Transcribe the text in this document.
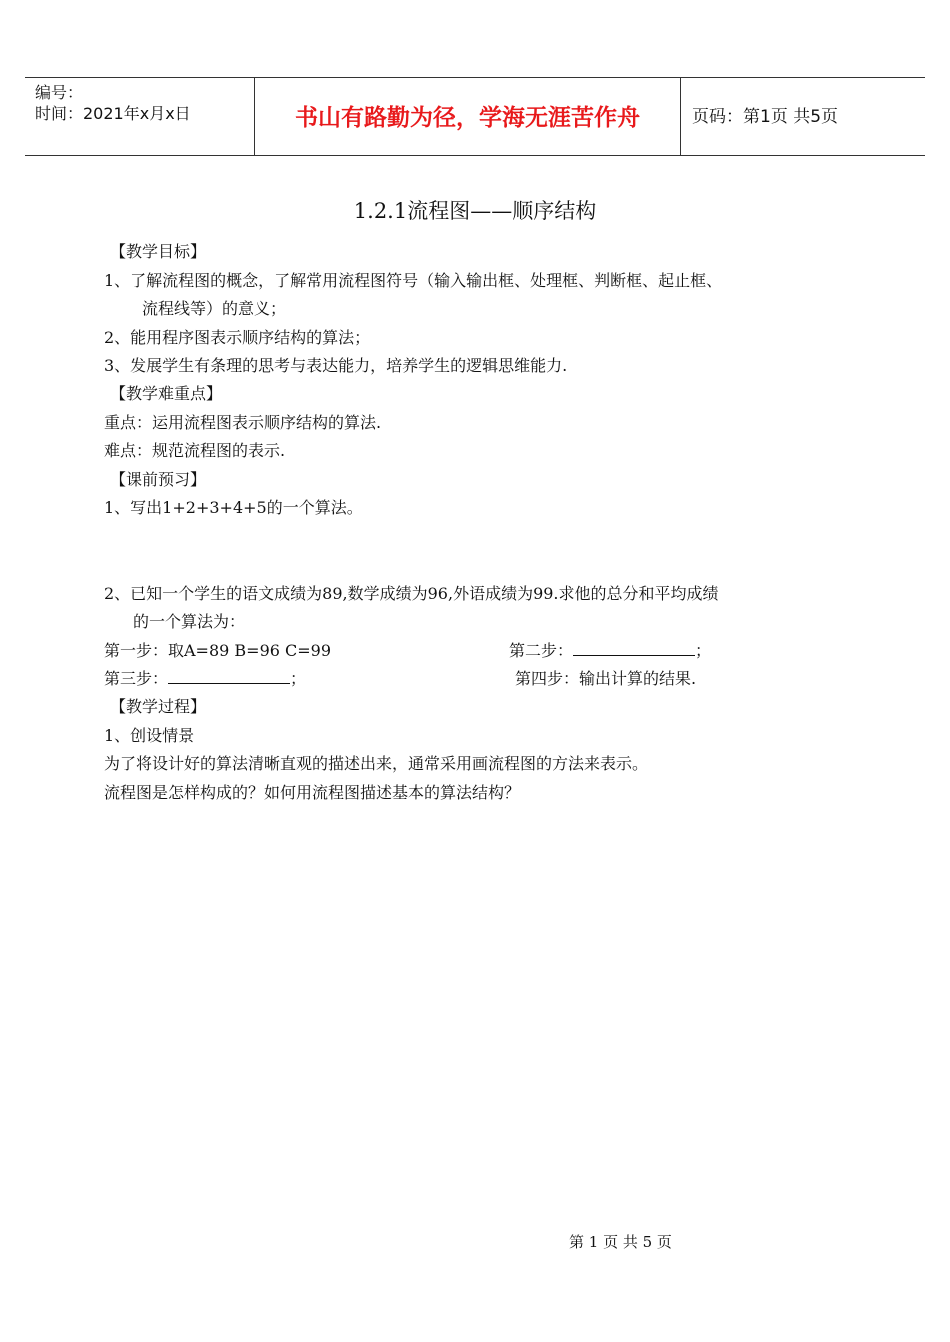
编号：
时间：2021年x月x日	书山有路勤为径，学海无涯苦作舟	页码：第1页 共5页
1.2.1流程图——顺序结构
【教学目标】
1、了解流程图的概念，了解常用流程图符号（输入输出框、处理框、判断框、起止框、
流程线等）的意义；
2、能用程序图表示顺序结构的算法；
3、发展学生有条理的思考与表达能力，培养学生的逻辑思维能力.
【教学难重点】
重点：运用流程图表示顺序结构的算法.
难点：规范流程图的表示.
【课前预习】
1、写出1+2+3+4+5的一个算法。
2、已知一个学生的语文成绩为89,数学成绩为96,外语成绩为99.求他的总分和平均成绩
的一个算法为：
第一步：取A=89 B=96 C=99	第二步：	；
第三步：	；	第四步：输出计算的结果.
【教学过程】
1、创设情景
为了将设计好的算法清晰直观的描述出来，通常采用画流程图的方法来表示。
流程图是怎样构成的？如何用流程图描述基本的算法结构？
第 1 页 共 5 页
